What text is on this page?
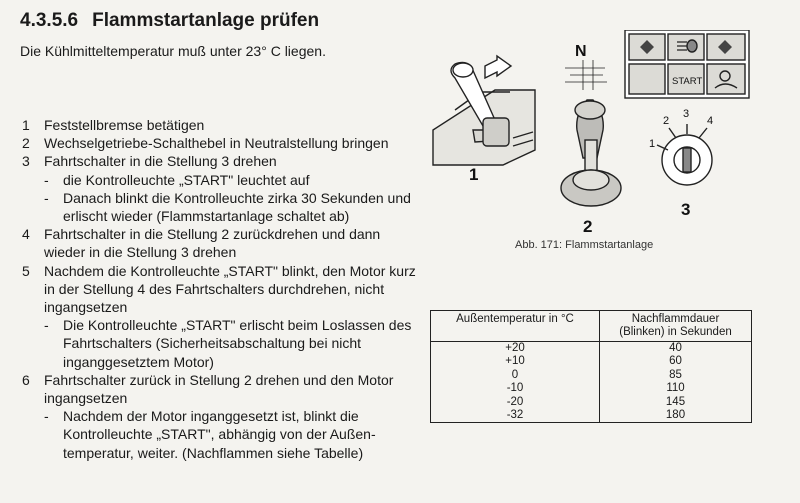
4.3.5.6 Flammstartanlage prüfen
Die Kühlmitteltemperatur muß unter 23° C liegen.
1	Feststellbremse betätigen
2	Wechselgetriebe-Schalthebel in Neutralstellung bringen
3	Fahrtschalter in die Stellung 3 drehen
-	die Kontrolleuchte „START" leuchtet auf
-	Danach blinkt die Kontrolleuchte zirka 30 Sekunden und erlischt wieder (Flammstartanlage schaltet ab)
4	Fahrtschalter in die Stellung 2 zurückdrehen und dann wieder in die Stellung 3 drehen
5	Nachdem die Kontrolleuchte „START" blinkt, den Motor kurz in der Stellung 4 des Fahrtschalters durchdrehen, nicht ingangsetzen
-	Die Kontrolleuchte „START" erlischt beim Loslassen des Fahrtschalters (Sicherheitsabschaltung bei nicht inganggesetztem Motor)
6	Fahrtschalter zurück in Stellung 2 drehen und den Motor ingangsetzen
-	Nachdem der Motor inganggesetzt ist, blinkt die Kontrolleuchte „START", abhängig von der Außen-temperatur, weiter. (Nachflammen siehe Tabelle)
1
N
2
START
1
2
3
4
3
Abb. 171: Flammstartanlage
Außentemperatur in °C	Nachflammdauer
(Blinken) in Sekunden

+20	40
+10	60
0	85
-10	110
-20	145
-32	180
